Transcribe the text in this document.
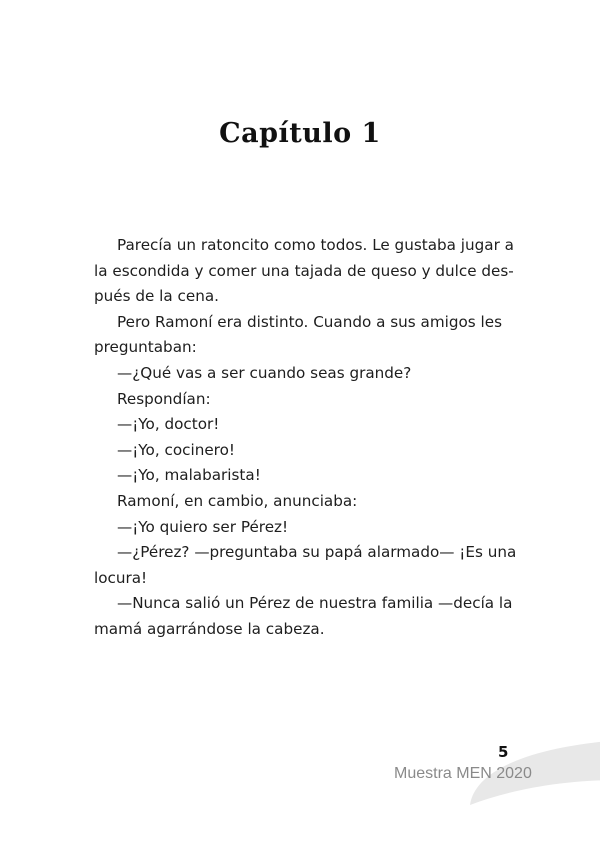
Capítulo 1
Parecía un ratoncito como todos. Le gustaba jugar a
la escondida y comer una tajada de queso y dulce des-
pués de la cena.
Pero Ramoní era distinto. Cuando a sus amigos les
preguntaban:
—¿Qué vas a ser cuando seas grande?
Respondían:
—¡Yo, doctor!
—¡Yo, cocinero!
—¡Yo, malabarista!
Ramoní, en cambio, anunciaba:
—¡Yo quiero ser Pérez!
—¿Pérez? —preguntaba su papá alarmado— ¡Es una
locura!
—Nunca salió un Pérez de nuestra familia —decía la
mamá agarrándose la cabeza.
5
Muestra MEN 2020
